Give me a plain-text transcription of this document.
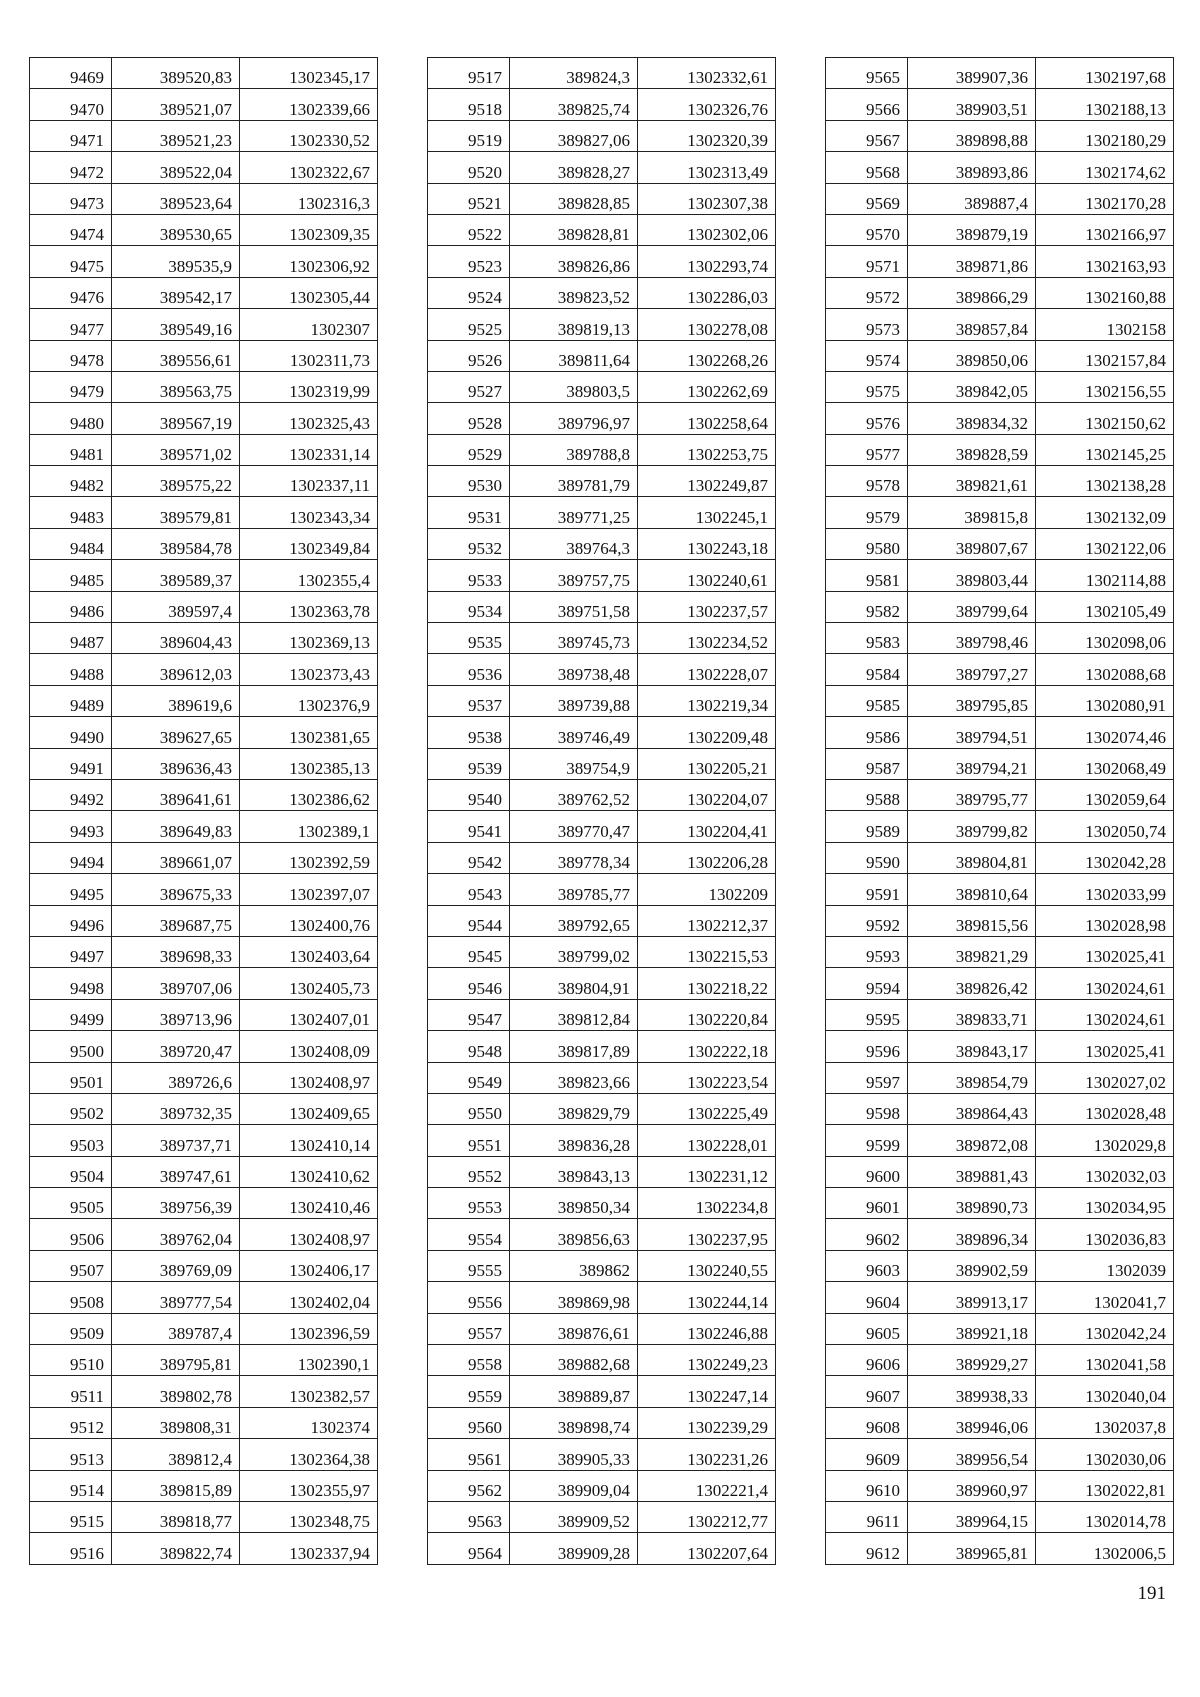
9469	389520,83	1302345,17
9470	389521,07	1302339,66
9471	389521,23	1302330,52
9472	389522,04	1302322,67
9473	389523,64	1302316,3
9474	389530,65	1302309,35
9475	389535,9	1302306,92
9476	389542,17	1302305,44
9477	389549,16	1302307
9478	389556,61	1302311,73
9479	389563,75	1302319,99
9480	389567,19	1302325,43
9481	389571,02	1302331,14
9482	389575,22	1302337,11
9483	389579,81	1302343,34
9484	389584,78	1302349,84
9485	389589,37	1302355,4
9486	389597,4	1302363,78
9487	389604,43	1302369,13
9488	389612,03	1302373,43
9489	389619,6	1302376,9
9490	389627,65	1302381,65
9491	389636,43	1302385,13
9492	389641,61	1302386,62
9493	389649,83	1302389,1
9494	389661,07	1302392,59
9495	389675,33	1302397,07
9496	389687,75	1302400,76
9497	389698,33	1302403,64
9498	389707,06	1302405,73
9499	389713,96	1302407,01
9500	389720,47	1302408,09
9501	389726,6	1302408,97
9502	389732,35	1302409,65
9503	389737,71	1302410,14
9504	389747,61	1302410,62
9505	389756,39	1302410,46
9506	389762,04	1302408,97
9507	389769,09	1302406,17
9508	389777,54	1302402,04
9509	389787,4	1302396,59
9510	389795,81	1302390,1
9511	389802,78	1302382,57
9512	389808,31	1302374
9513	389812,4	1302364,38
9514	389815,89	1302355,97
9515	389818,77	1302348,75
9516	389822,74	1302337,94
9517	389824,3	1302332,61
9518	389825,74	1302326,76
9519	389827,06	1302320,39
9520	389828,27	1302313,49
9521	389828,85	1302307,38
9522	389828,81	1302302,06
9523	389826,86	1302293,74
9524	389823,52	1302286,03
9525	389819,13	1302278,08
9526	389811,64	1302268,26
9527	389803,5	1302262,69
9528	389796,97	1302258,64
9529	389788,8	1302253,75
9530	389781,79	1302249,87
9531	389771,25	1302245,1
9532	389764,3	1302243,18
9533	389757,75	1302240,61
9534	389751,58	1302237,57
9535	389745,73	1302234,52
9536	389738,48	1302228,07
9537	389739,88	1302219,34
9538	389746,49	1302209,48
9539	389754,9	1302205,21
9540	389762,52	1302204,07
9541	389770,47	1302204,41
9542	389778,34	1302206,28
9543	389785,77	1302209
9544	389792,65	1302212,37
9545	389799,02	1302215,53
9546	389804,91	1302218,22
9547	389812,84	1302220,84
9548	389817,89	1302222,18
9549	389823,66	1302223,54
9550	389829,79	1302225,49
9551	389836,28	1302228,01
9552	389843,13	1302231,12
9553	389850,34	1302234,8
9554	389856,63	1302237,95
9555	389862	1302240,55
9556	389869,98	1302244,14
9557	389876,61	1302246,88
9558	389882,68	1302249,23
9559	389889,87	1302247,14
9560	389898,74	1302239,29
9561	389905,33	1302231,26
9562	389909,04	1302221,4
9563	389909,52	1302212,77
9564	389909,28	1302207,64
9565	389907,36	1302197,68
9566	389903,51	1302188,13
9567	389898,88	1302180,29
9568	389893,86	1302174,62
9569	389887,4	1302170,28
9570	389879,19	1302166,97
9571	389871,86	1302163,93
9572	389866,29	1302160,88
9573	389857,84	1302158
9574	389850,06	1302157,84
9575	389842,05	1302156,55
9576	389834,32	1302150,62
9577	389828,59	1302145,25
9578	389821,61	1302138,28
9579	389815,8	1302132,09
9580	389807,67	1302122,06
9581	389803,44	1302114,88
9582	389799,64	1302105,49
9583	389798,46	1302098,06
9584	389797,27	1302088,68
9585	389795,85	1302080,91
9586	389794,51	1302074,46
9587	389794,21	1302068,49
9588	389795,77	1302059,64
9589	389799,82	1302050,74
9590	389804,81	1302042,28
9591	389810,64	1302033,99
9592	389815,56	1302028,98
9593	389821,29	1302025,41
9594	389826,42	1302024,61
9595	389833,71	1302024,61
9596	389843,17	1302025,41
9597	389854,79	1302027,02
9598	389864,43	1302028,48
9599	389872,08	1302029,8
9600	389881,43	1302032,03
9601	389890,73	1302034,95
9602	389896,34	1302036,83
9603	389902,59	1302039
9604	389913,17	1302041,7
9605	389921,18	1302042,24
9606	389929,27	1302041,58
9607	389938,33	1302040,04
9608	389946,06	1302037,8
9609	389956,54	1302030,06
9610	389960,97	1302022,81
9611	389964,15	1302014,78
9612	389965,81	1302006,5
191
